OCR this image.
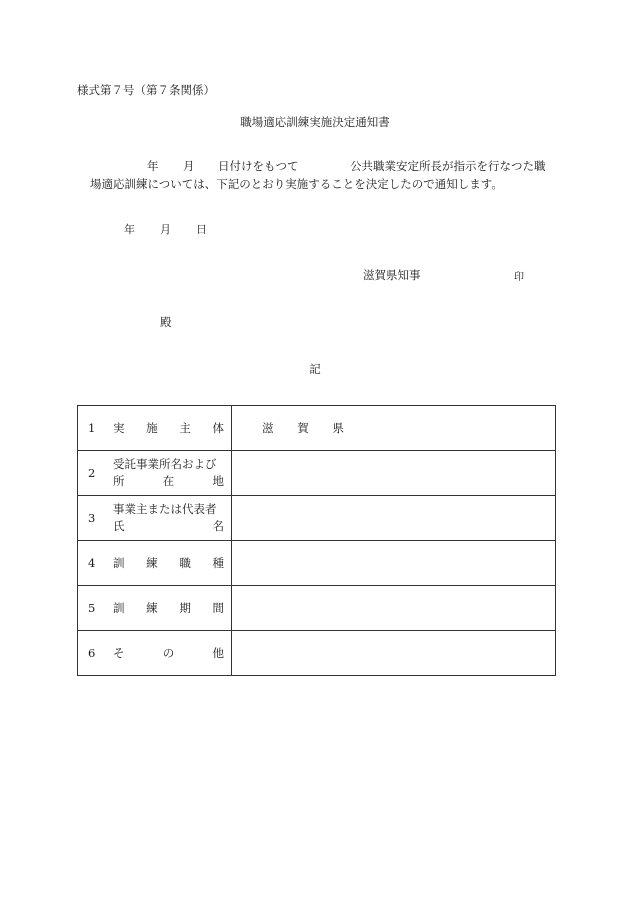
様式第７号（第７条関係）
職場適応訓練実施決定通知書
年 月 日付けをもつて	公共職業安定所長が指示を行なつた職
場適応訓練については、下記のとおり実施することを決定したので通知します。
年 月 日
滋賀県知事	印
殿
記
1 実 施 主 体	滋 賀 県

2
受託事業所名および
所 在 地	

3
事業主または代表者
氏 名	

4 訓 練 職 種	

5 訓 練 期 間	

6 そ の 他	
